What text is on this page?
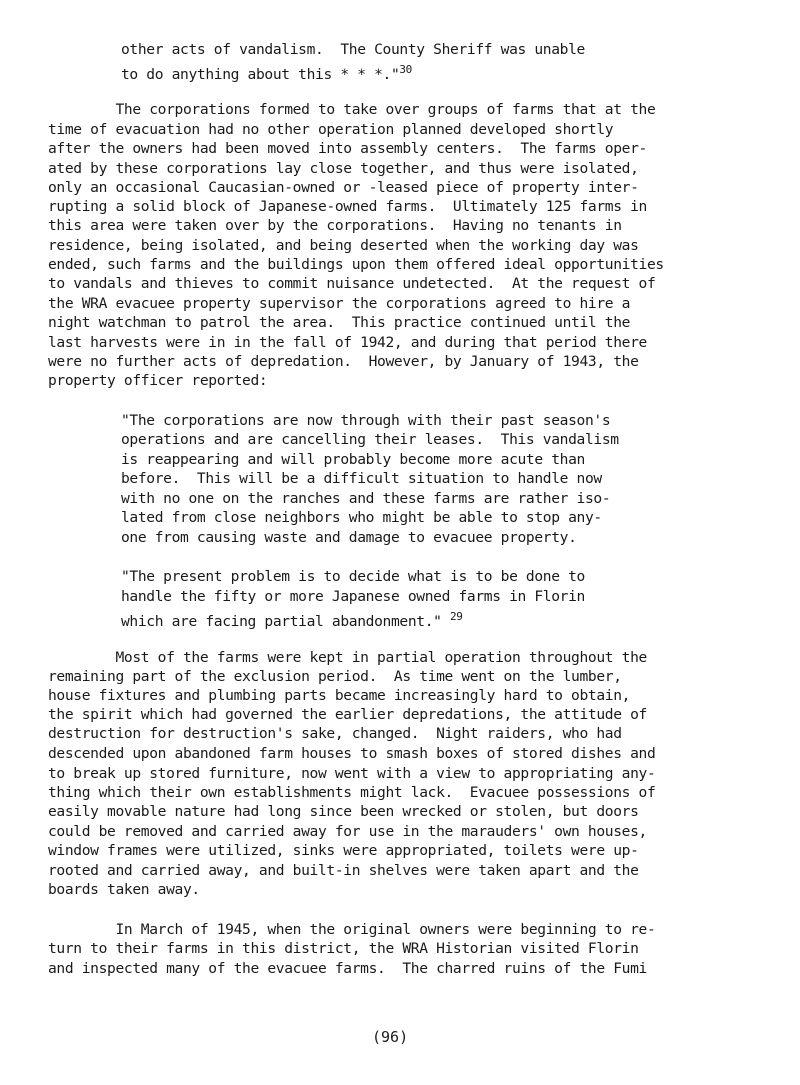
other acts of vandalism.  The County Sheriff was unable
to do anything about this * * *."$^{30}$
The corporations formed to take over groups of farms that at the
time of evacuation had no other operation planned developed shortly
after the owners had been moved into assembly centers.  The farms oper-
ated by these corporations lay close together, and thus were isolated,
only an occasional Caucasian-owned or -leased piece of property inter-
rupting a solid block of Japanese-owned farms.  Ultimately 125 farms in
this area were taken over by the corporations.  Having no tenants in
residence, being isolated, and being deserted when the working day was
ended, such farms and the buildings upon them offered ideal opportunities
to vandals and thieves to commit nuisance undetected.  At the request of
the WRA evacuee property supervisor the corporations agreed to hire a
night watchman to patrol the area.  This practice continued until the
last harvests were in in the fall of 1942, and during that period there
were no further acts of depredation.  However, by January of 1943, the
property officer reported:
"The corporations are now through with their past season's
operations and are cancelling their leases.  This vandalism
is reappearing and will probably become more acute than
before.  This will be a difficult situation to handle now
with no one on the ranches and these farms are rather iso-
lated from close neighbors who might be able to stop any-
one from causing waste and damage to evacuee property.
"The present problem is to decide what is to be done to
handle the fifty or more Japanese owned farms in Florin
which are facing partial abandonment." $^{29}$
Most of the farms were kept in partial operation throughout the
remaining part of the exclusion period.  As time went on the lumber,
house fixtures and plumbing parts became increasingly hard to obtain,
the spirit which had governed the earlier depredations, the attitude of
destruction for destruction's sake, changed.  Night raiders, who had
descended upon abandoned farm houses to smash boxes of stored dishes and
to break up stored furniture, now went with a view to appropriating any-
thing which their own establishments might lack.  Evacuee possessions of
easily movable nature had long since been wrecked or stolen, but doors
could be removed and carried away for use in the marauders' own houses,
window frames were utilized, sinks were appropriated, toilets were up-
rooted and carried away, and built-in shelves were taken apart and the
boards taken away.
In March of 1945, when the original owners were beginning to re-
turn to their farms in this district, the WRA Historian visited Florin
and inspected many of the evacuee farms.  The charred ruins of the Fumi
(96)
